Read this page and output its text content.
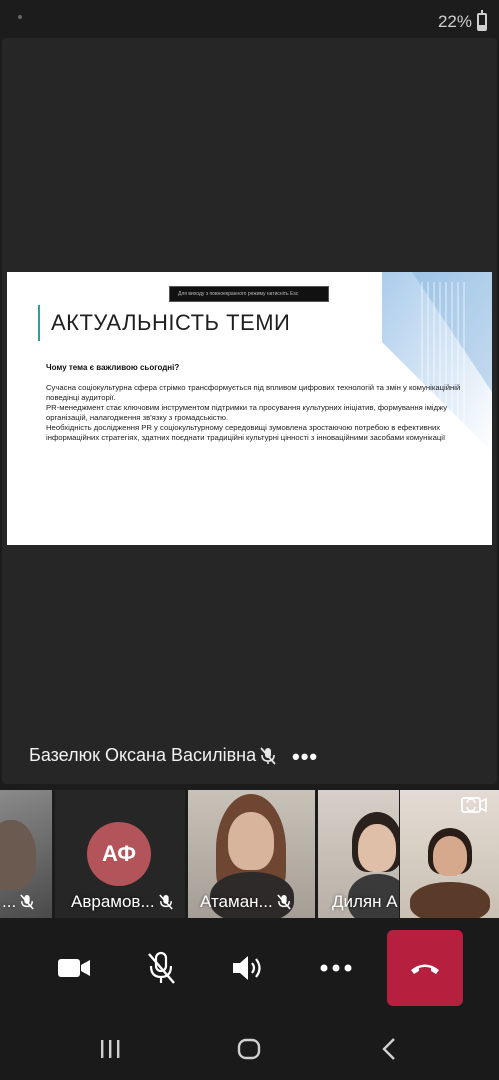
22%
Для виходу з повноекранного режиму натисніть Esc
АКТУАЛЬНІСТЬ ТЕМИ
Чому тема є важливою сьогодні?
Сучасна соціокультурна сфера стрімко трансформується під впливом цифрових технологій та змін у комунікаційній поведінці аудиторії.
PR-менеджмент стає ключовим інструментом підтримки та просування культурних ініціатив, формування іміджу організацій, налагодження зв'язку з громадськістю.
Необхідність дослідження PR у соціокультурному середовищі зумовлена зростаючою потребою в ефективних інформаційних стратегіях, здатних поєднати традиційні культурні цінності з інноваційними засобами комунікації
Базелюк Оксана Василівна •••
...
АФ
Аврамов...	Атаман...	Дилян А
